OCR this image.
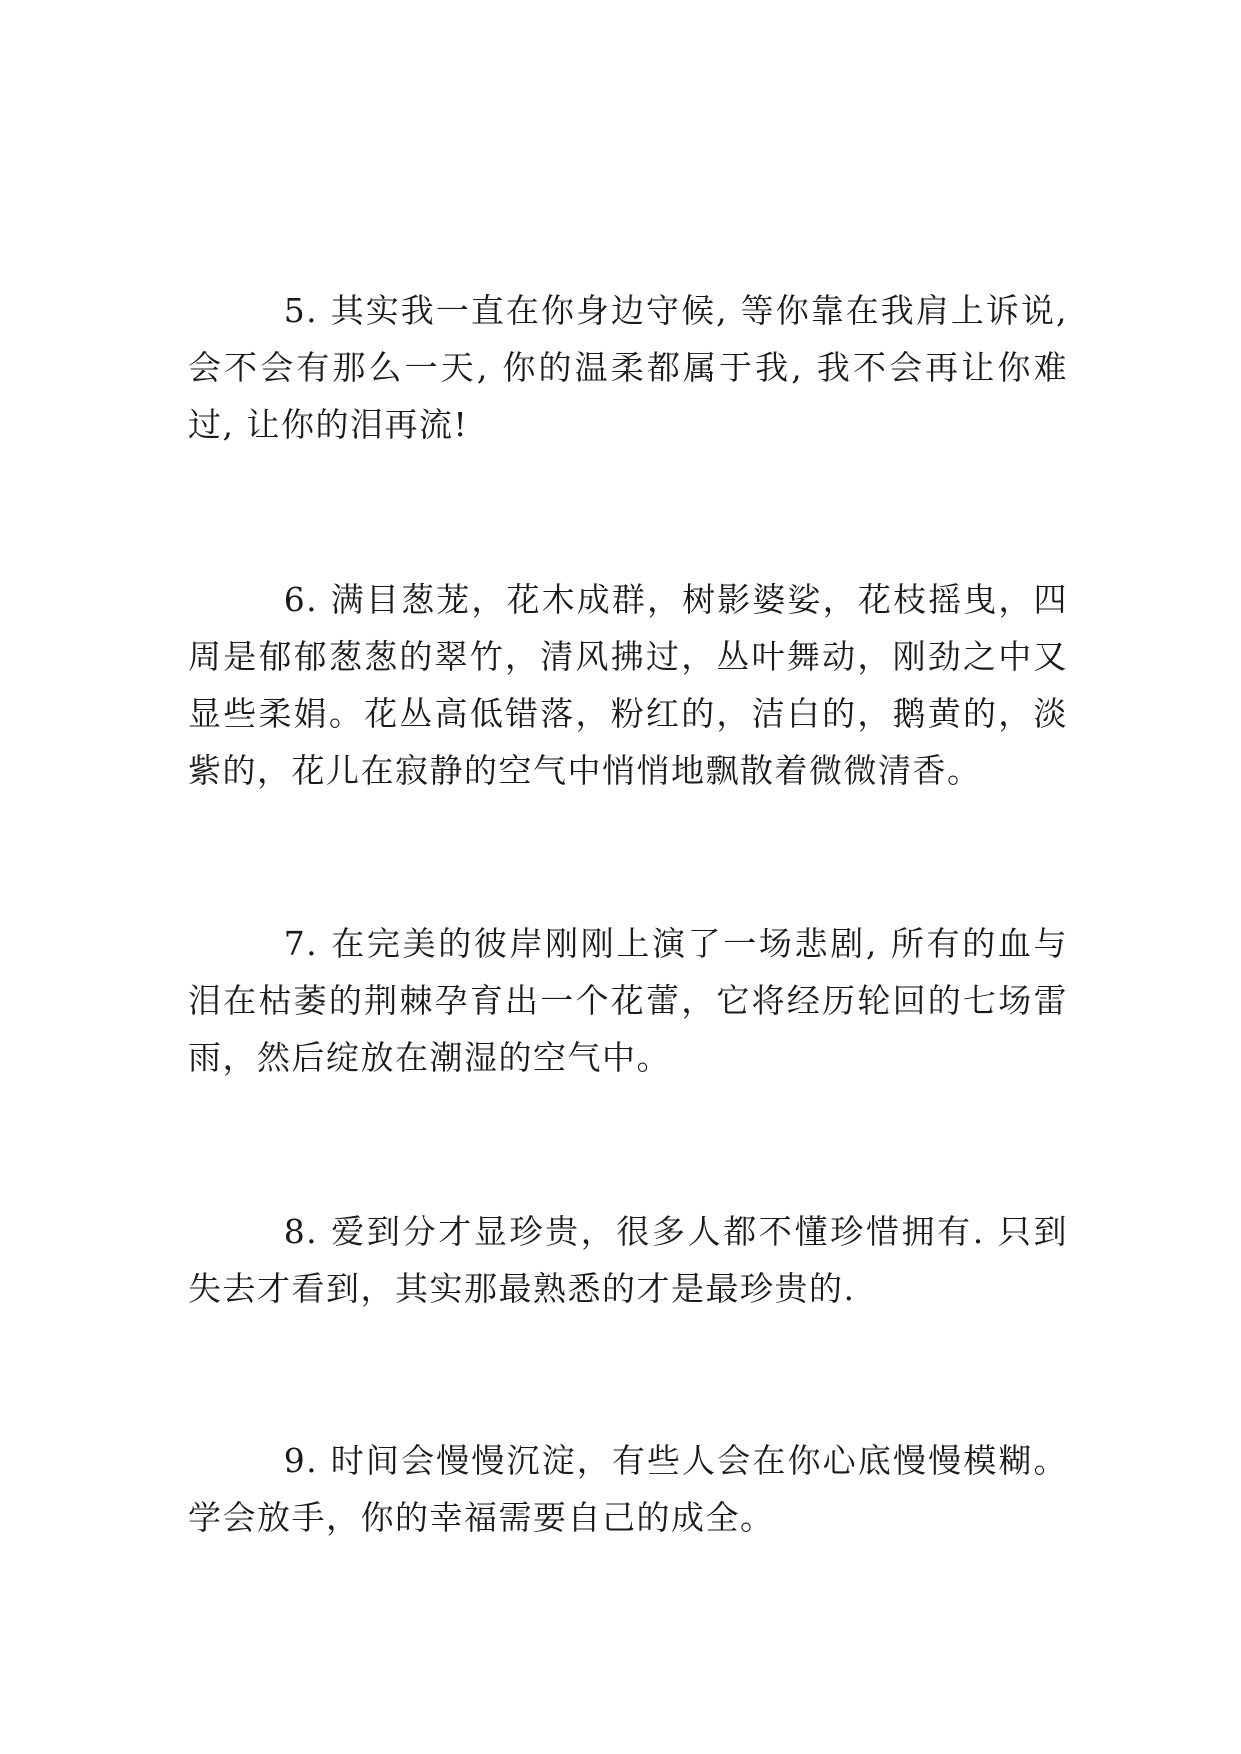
5. 其实我一直在你身边守候, 等你靠在我肩上诉说, 会不会有那么一天, 你的温柔都属于我, 我不会再让你难过, 让你的泪再流!

6. 满目葱茏，花木成群，树影婆娑，花枝摇曳，四周是郁郁葱葱的翠竹，清风拂过，丛叶舞动，刚劲之中又显些柔娟。花丛高低错落，粉红的，洁白的，鹅黄的，淡紫的，花儿在寂静的空气中悄悄地飘散着微微清香。

7. 在完美的彼岸刚刚上演了一场悲剧, 所有的血与泪在枯萎的荆棘孕育出一个花蕾，它将经历轮回的七场雷雨，然后绽放在潮湿的空气中。

8. 爱到分才显珍贵，很多人都不懂珍惜拥有. 只到失去才看到，其实那最熟悉的才是最珍贵的.

9. 时间会慢慢沉淀，有些人会在你心底慢慢模糊。学会放手，你的幸福需要自己的成全。
